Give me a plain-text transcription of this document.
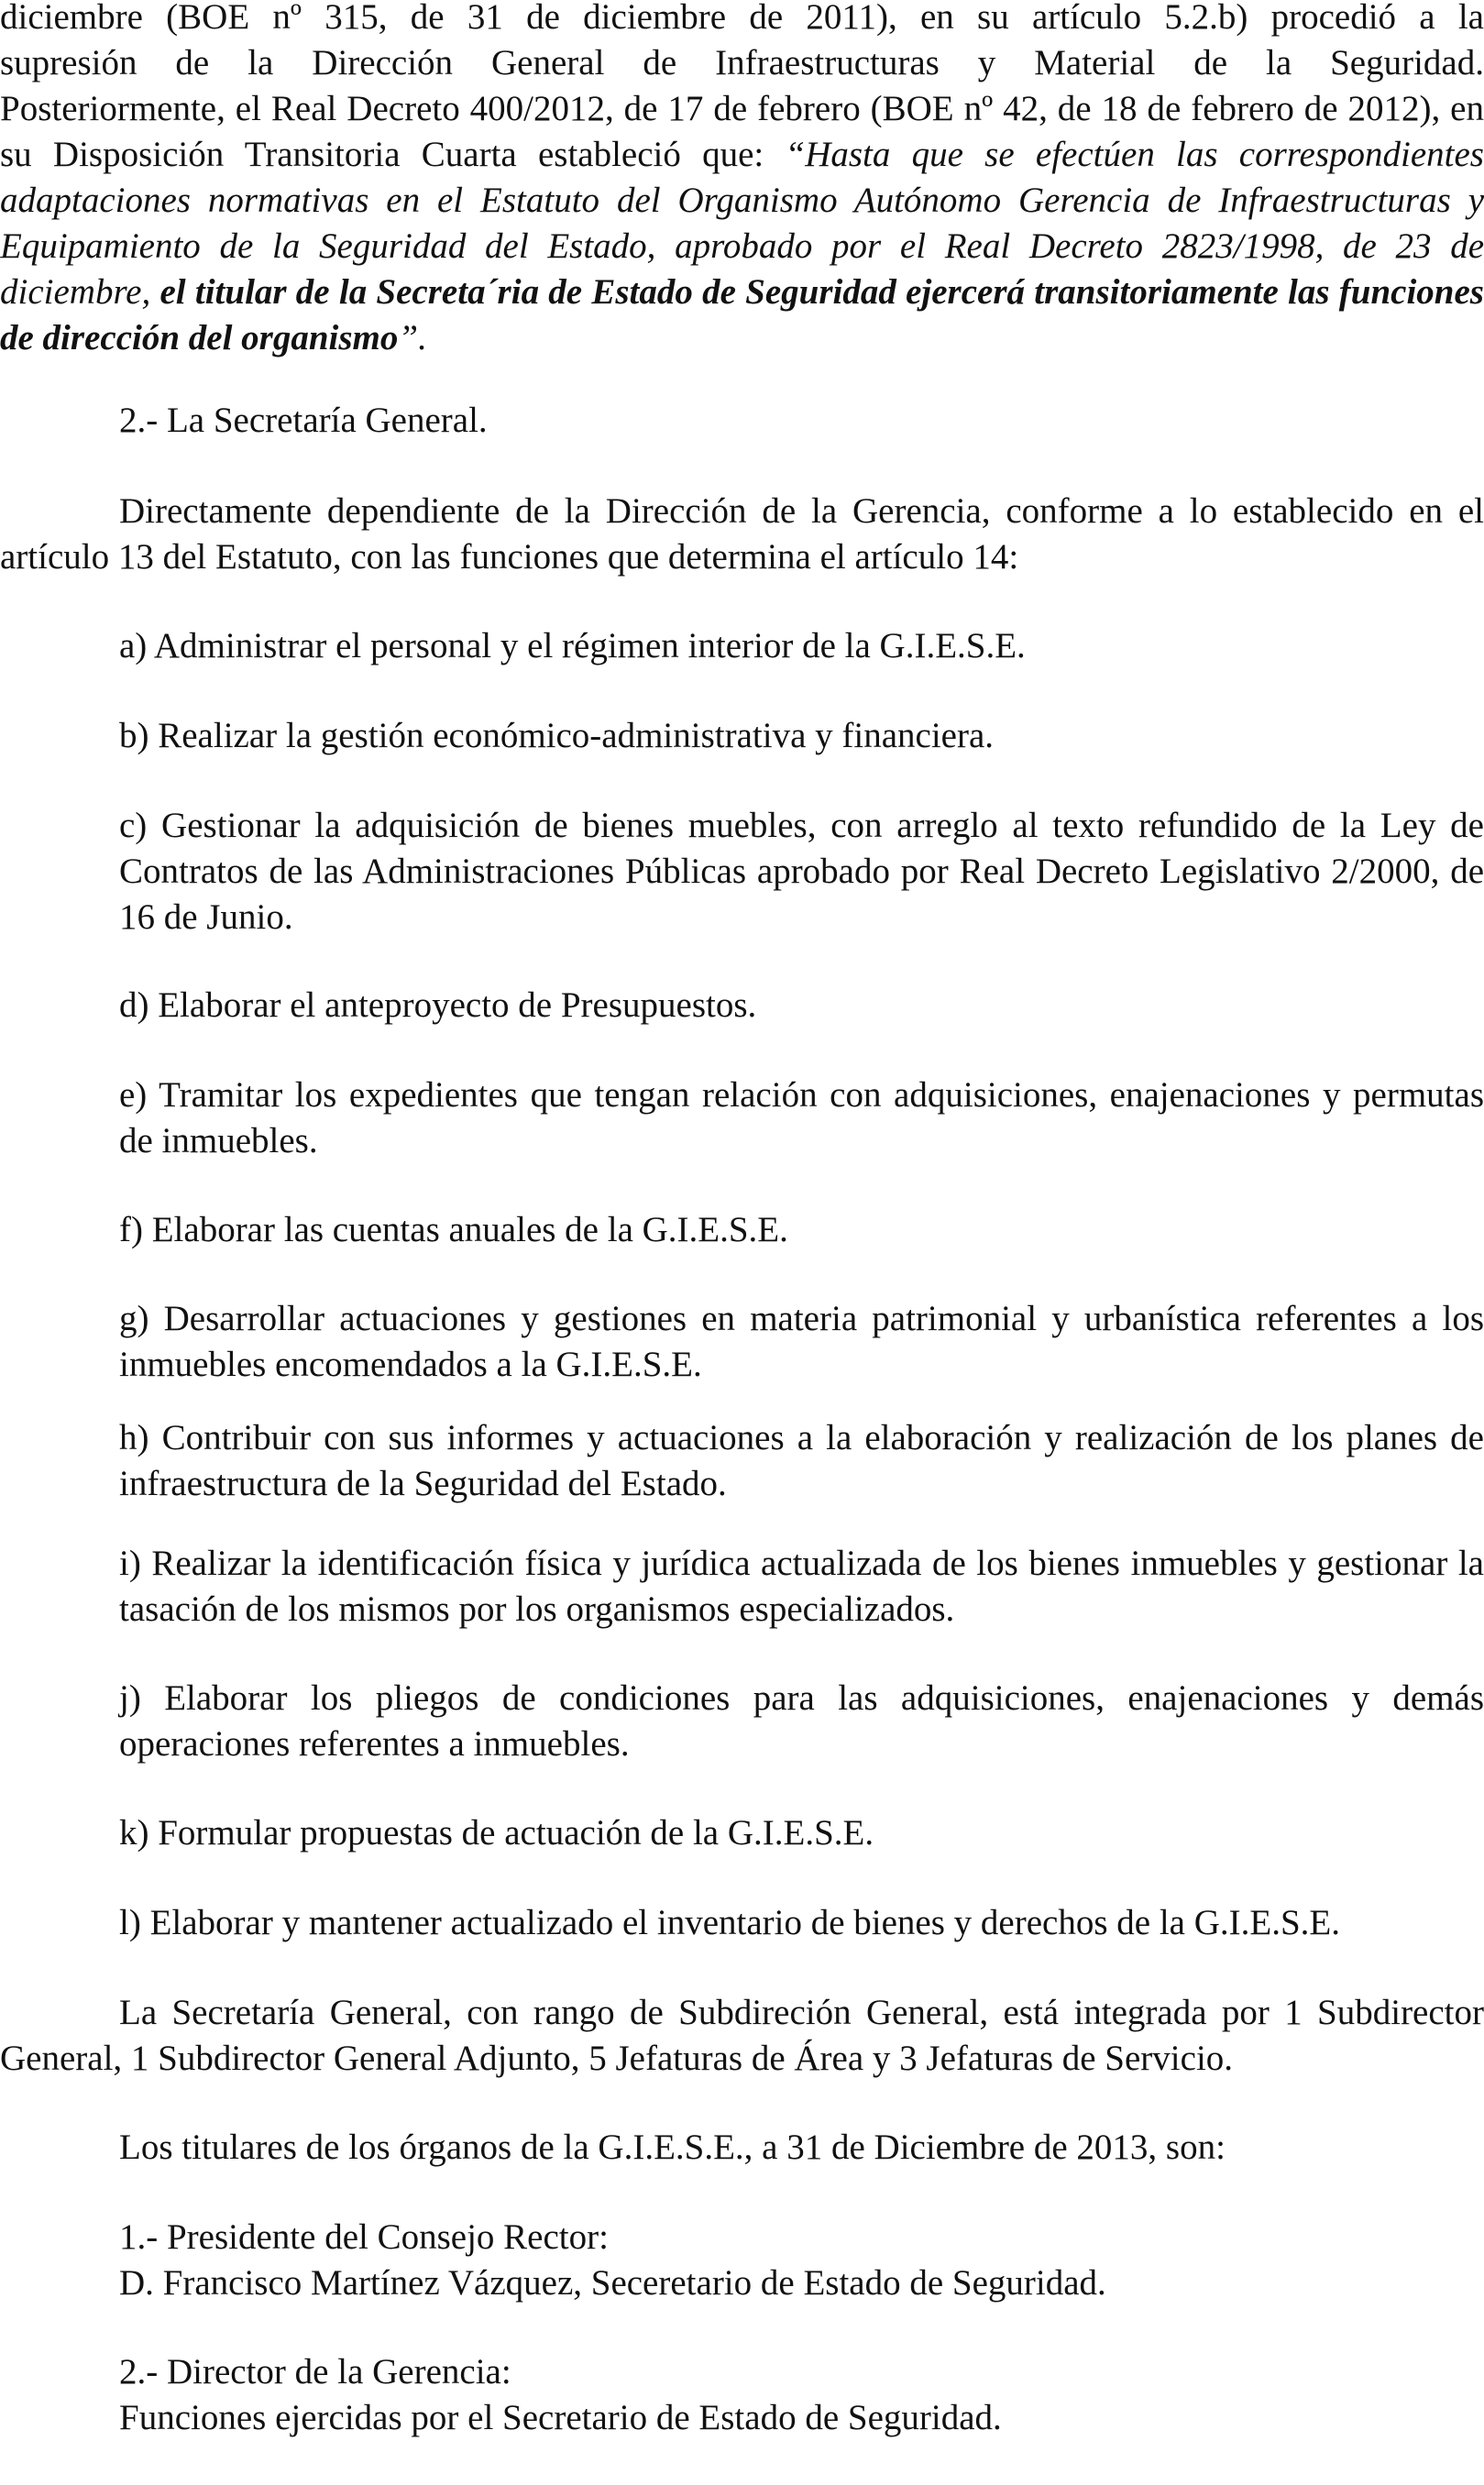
diciembre (BOE nº 315, de 31 de diciembre de 2011), en su artículo 5.2.b) procedió a la

supresión de la Dirección General de Infraestructuras y Material de la Seguridad.

Posteriormente, el Real Decreto 400/2012, de 17 de febrero (BOE nº 42, de 18 de febrero de 2012), en su Disposición Transitoria Cuarta estableció que: “Hasta que se efectúen las correspondientes adaptaciones normativas en el Estatuto del Organismo Autónomo Gerencia de Infraestructuras y Equipamiento de la Seguridad del Estado, aprobado por el Real Decreto 2823/1998, de 23 de diciembre, el titular de la Secreta´ria de Estado de Seguridad ejercerá transitoriamente las funciones de dirección del organismo”.

2.- La Secretaría General.

Directamente dependiente de la Dirección de la Gerencia, conforme a lo establecido en el artículo 13 del Estatuto, con las funciones que determina el artículo 14:

a) Administrar el personal y el régimen interior de la G.I.E.S.E.

b) Realizar la gestión económico-administrativa y financiera.

c) Gestionar la adquisición de bienes muebles, con arreglo al texto refundido de la Ley de Contratos de las Administraciones Públicas aprobado por Real Decreto Legislativo 2/2000, de 16 de Junio.

d) Elaborar el anteproyecto de Presupuestos.

e) Tramitar los expedientes que tengan relación con adquisiciones, enajenaciones y permutas de inmuebles.

f) Elaborar las cuentas anuales de la G.I.E.S.E.

g) Desarrollar actuaciones y gestiones en materia patrimonial y urbanística referentes a los inmuebles encomendados a la G.I.E.S.E.

h) Contribuir con sus informes y actuaciones a la elaboración y realización de los planes de infraestructura de la Seguridad del Estado.

i) Realizar la identificación física y jurídica actualizada de los bienes inmuebles y gestionar la tasación de los mismos por los organismos especializados.

j) Elaborar los pliegos de condiciones para las adquisiciones, enajenaciones y demás operaciones referentes a inmuebles.

k) Formular propuestas de actuación de la G.I.E.S.E.

l) Elaborar y mantener actualizado el inventario de bienes y derechos de la G.I.E.S.E.

La Secretaría General, con rango de Subdireción General, está integrada por 1 Subdirector General, 1 Subdirector General Adjunto, 5 Jefaturas de Área y 3 Jefaturas de Servicio.

Los titulares de los órganos de la G.I.E.S.E., a 31 de Diciembre de 2013, son:

1.- Presidente del Consejo Rector:

D. Francisco Martínez Vázquez, Seceretario de Estado de Seguridad.

2.- Director de la Gerencia:

Funciones ejercidas por el Secretario de Estado de Seguridad.
